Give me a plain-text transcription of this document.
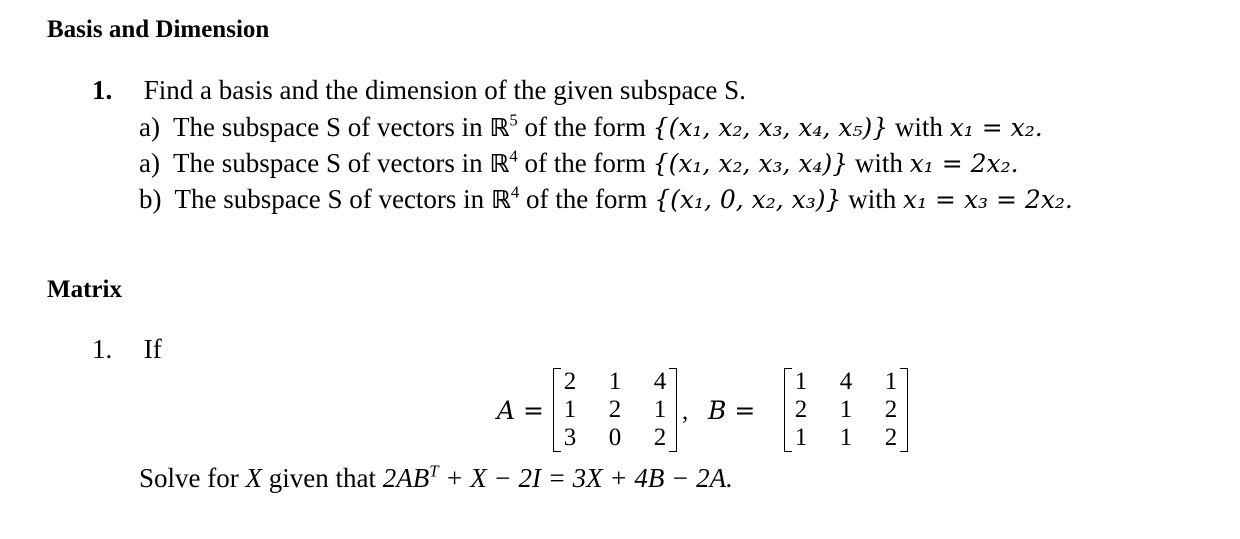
Basis and Dimension
1. Find a basis and the dimension of the given subspace S.
a) The subspace S of vectors in ℝ$^5$ of the form {(x₁, x₂, x₃, x₄, x₅)} with x₁ = x₂.
a) The subspace S of vectors in ℝ$^4$ of the form {(x₁, x₂, x₃, x₄)} with x₁ = 2x₂.
b) The subspace S of vectors in ℝ$^4$ of the form {(x₁, 0, x₂, x₃)} with x₁ = x₃ = 2x₂.
Matrix
1. If
A =
2 1 4
1 2 1
3 0 2
, B =
1 4 1
2 1 2
1 1 2
Solve for X given that $2AB^T + X - 2I = 3X + 4B - 2A$.
